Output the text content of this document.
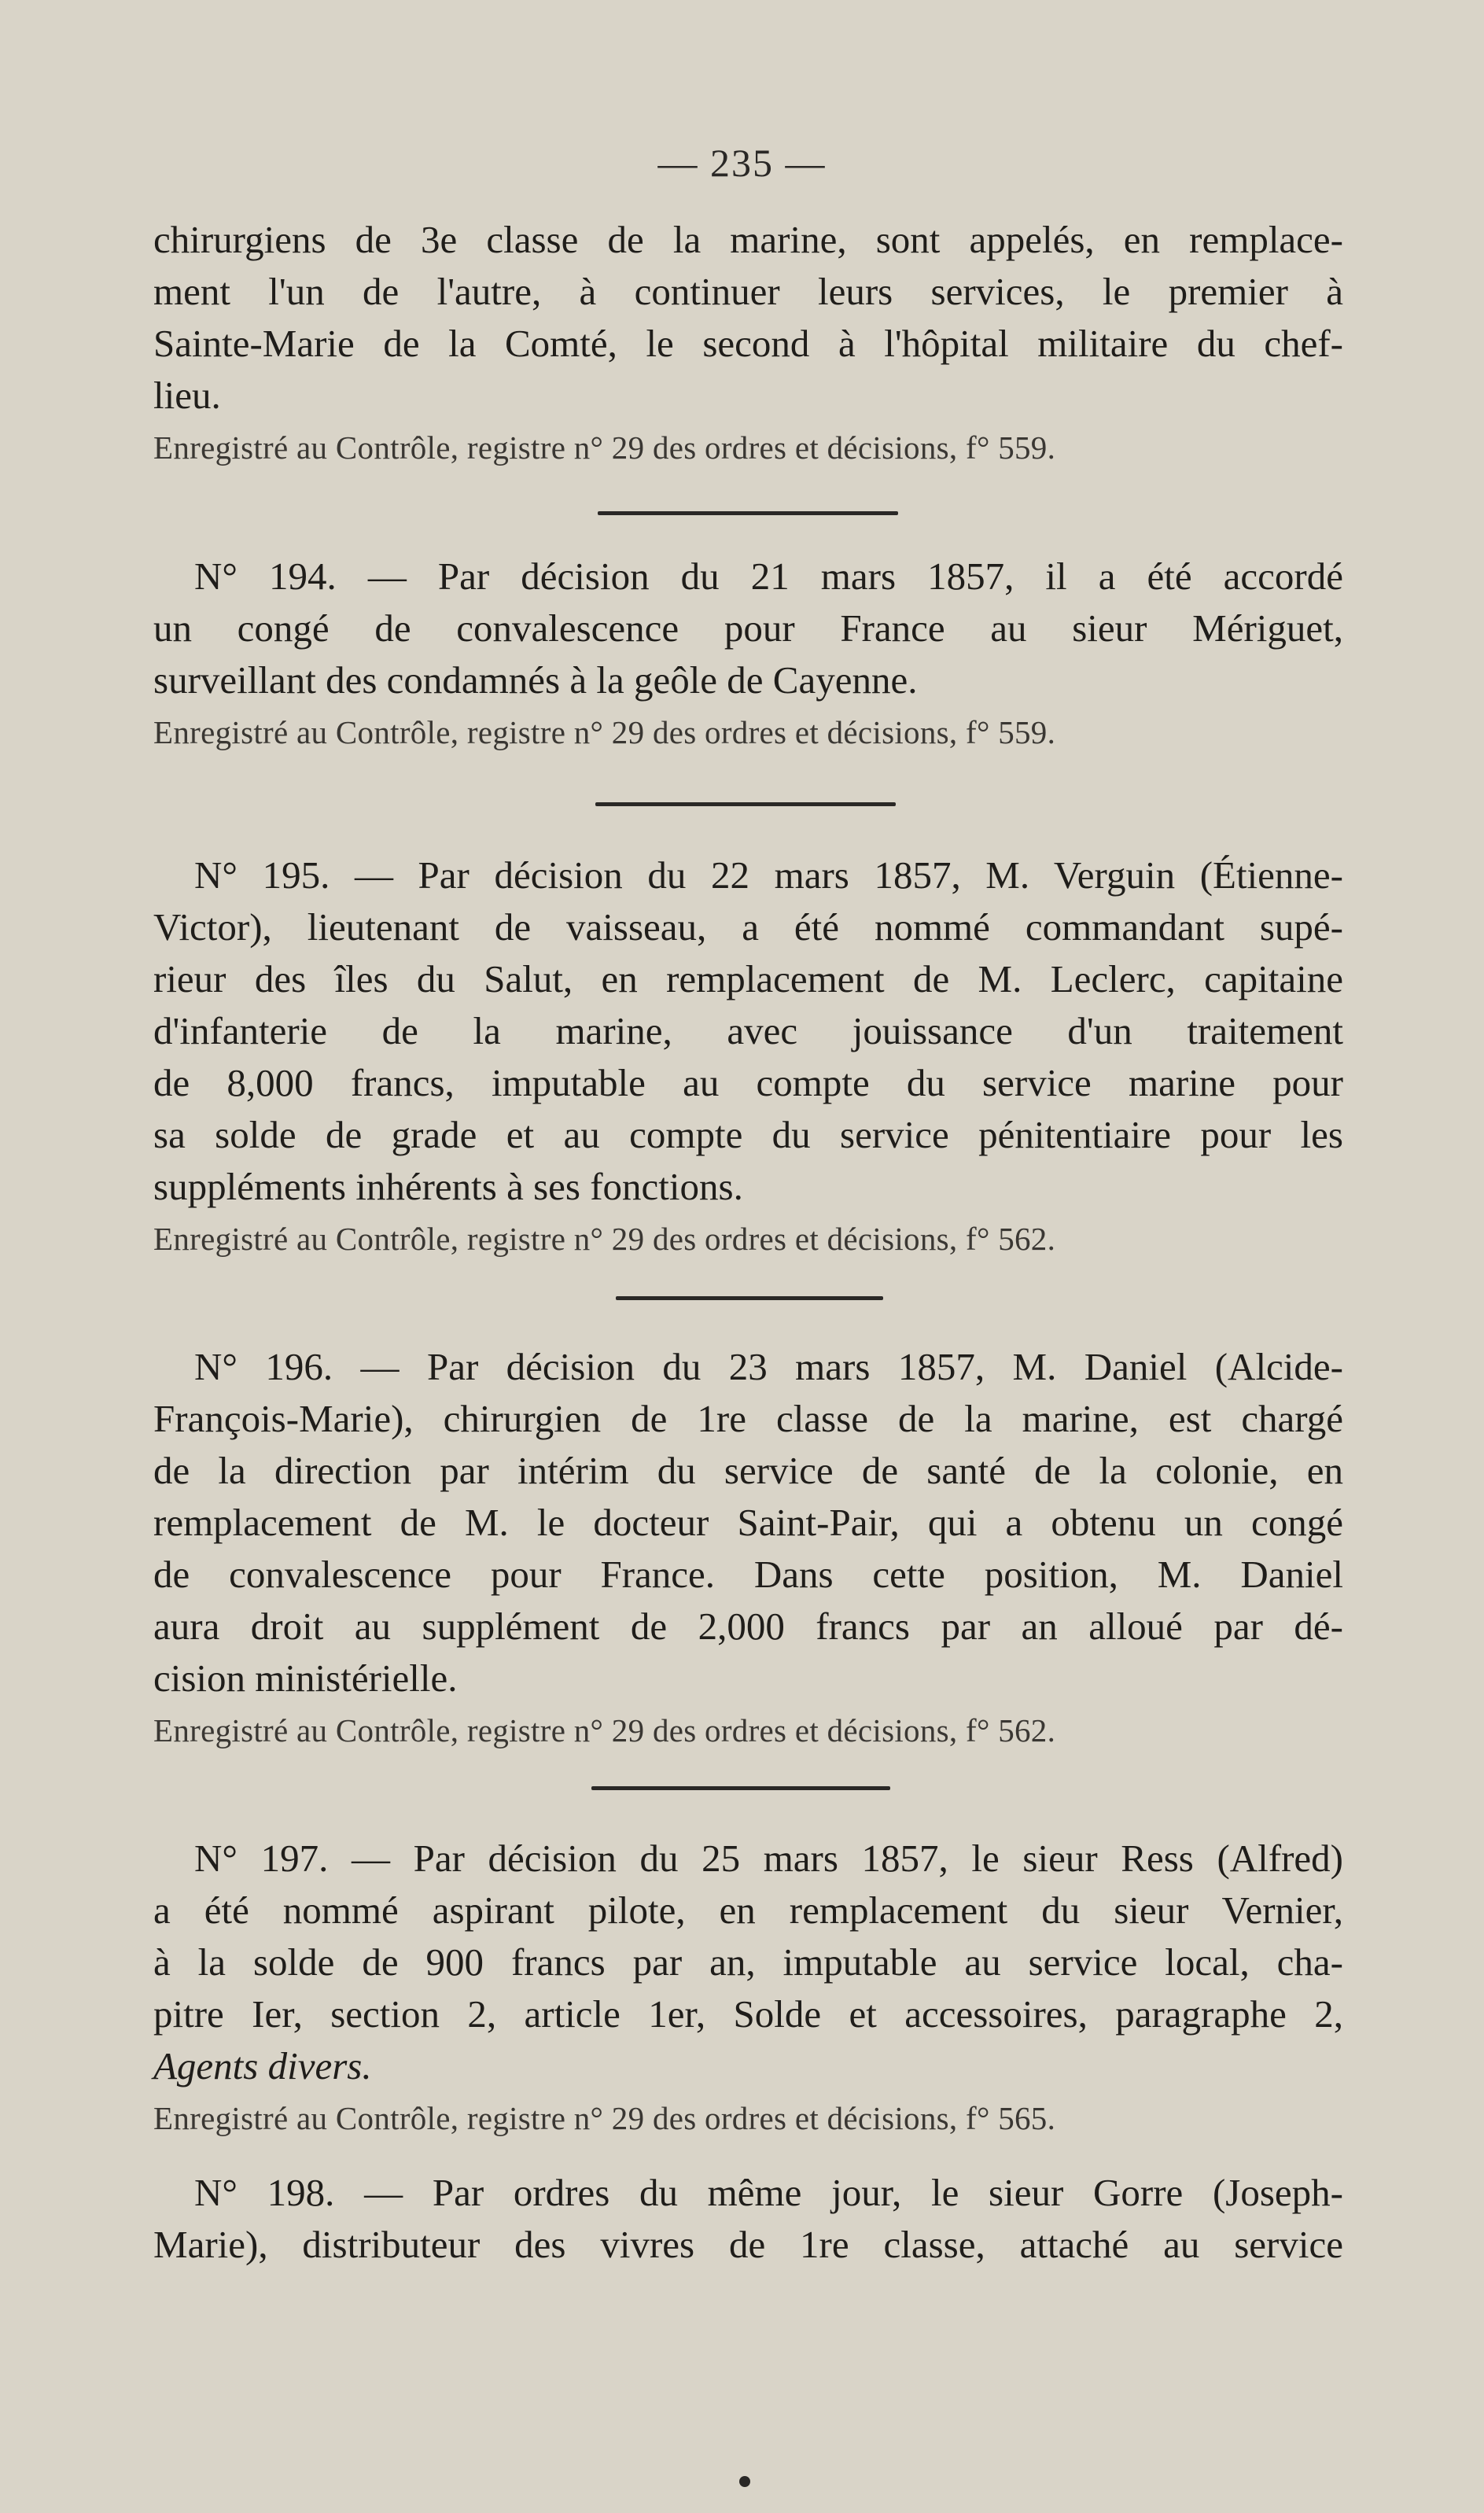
— 235 —

chirurgiens de 3e classe de la marine, sont appelés, en remplace-
ment l'un de l'autre, à continuer leurs services, le premier à
Sainte-Marie de la Comté, le second à l'hôpital militaire du chef-
lieu.

Enregistré au Contrôle, registre n° 29 des ordres et décisions, f° 559.

N° 194. — Par décision du 21 mars 1857, il a été accordé
un congé de convalescence pour France au sieur Mériguet,
surveillant des condamnés à la geôle de Cayenne.

Enregistré au Contrôle, registre n° 29 des ordres et décisions, f° 559.

N° 195. — Par décision du 22 mars 1857, M. Verguin (Étienne-
Victor), lieutenant de vaisseau, a été nommé commandant supé-
rieur des îles du Salut, en remplacement de M. Leclerc, capitaine
d'infanterie de la marine, avec jouissance d'un traitement
de 8,000 francs, imputable au compte du service marine pour
sa solde de grade et au compte du service pénitentiaire pour les
suppléments inhérents à ses fonctions.

Enregistré au Contrôle, registre n° 29 des ordres et décisions, f° 562.

N° 196. — Par décision du 23 mars 1857, M. Daniel (Alcide-
François-Marie), chirurgien de 1re classe de la marine, est chargé
de la direction par intérim du service de santé de la colonie, en
remplacement de M. le docteur Saint-Pair, qui a obtenu un congé
de convalescence pour France. Dans cette position, M. Daniel
aura droit au supplément de 2,000 francs par an alloué par dé-
cision ministérielle.

Enregistré au Contrôle, registre n° 29 des ordres et décisions, f° 562.

N° 197. — Par décision du 25 mars 1857, le sieur Ress (Alfred)
a été nommé aspirant pilote, en remplacement du sieur Vernier,
à la solde de 900 francs par an, imputable au service local, cha-
pitre Ier, section 2, article 1er, Solde et accessoires, paragraphe 2,
Agents divers.

Enregistré au Contrôle, registre n° 29 des ordres et décisions, f° 565.

N° 198. — Par ordres du même jour, le sieur Gorre (Joseph-
Marie), distributeur des vivres de 1re classe, attaché au service
